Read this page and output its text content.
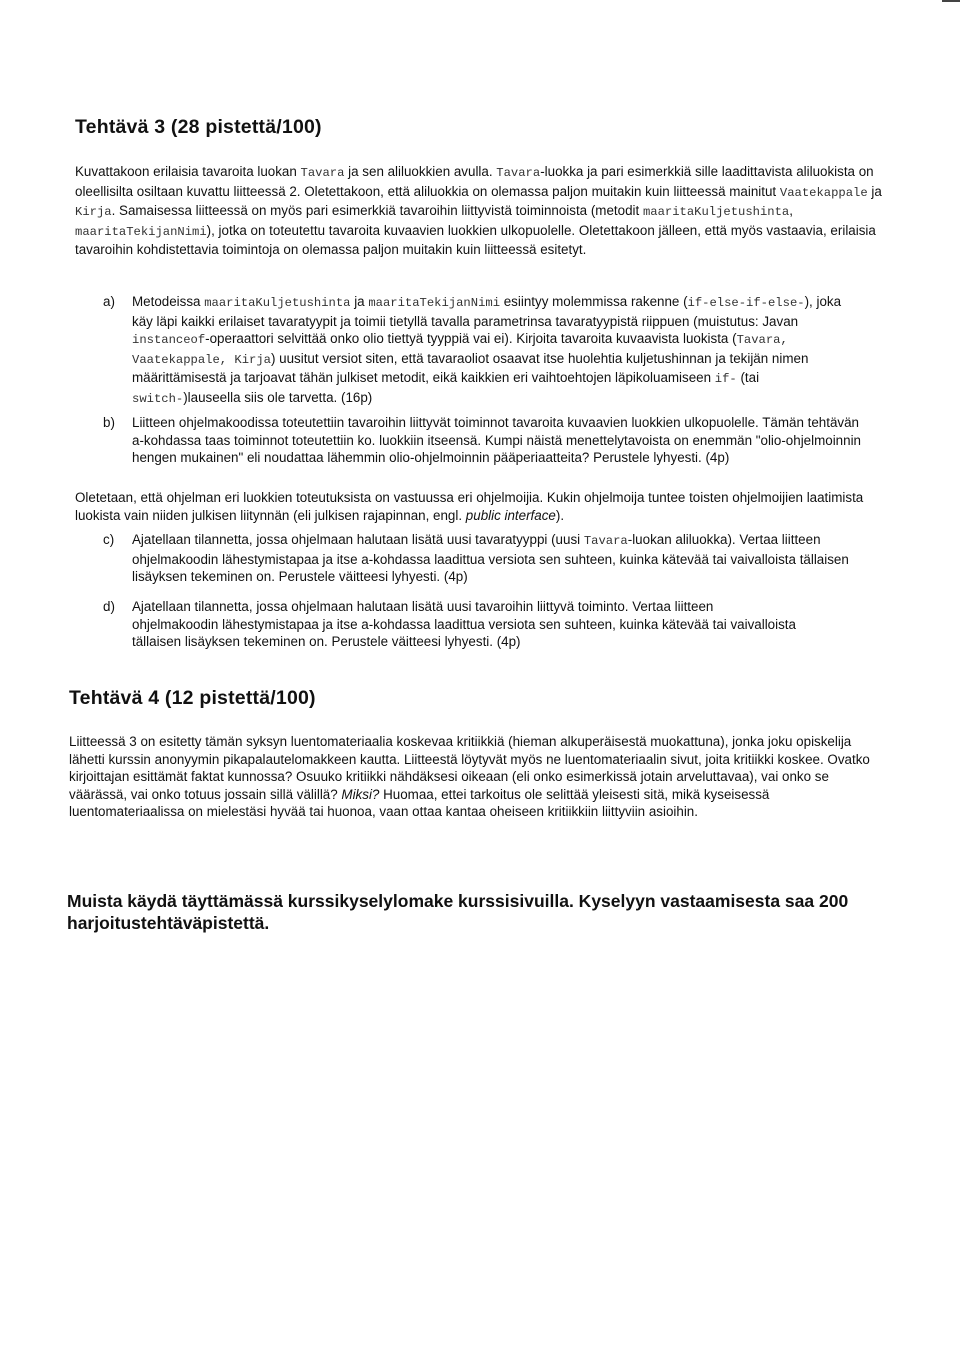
Tehtävä 3 (28 pistettä/100)

Kuvattakoon erilaisia tavaroita luokan Tavara ja sen aliluokkien avulla. Tavara-luokka ja pari esimerkkiä sille laadittavista aliluokista on oleellisilta osiltaan kuvattu liitteessä 2. Oletettakoon, että aliluokkia on olemassa paljon muitakin kuin liitteessä mainitut Vaatekappale ja Kirja. Samaisessa liitteessä on myös pari esimerkkiä tavaroihin liittyvistä toiminnoista (metodit maaritaKuljetushinta, maaritaTekijanNimi), jotka on toteutettu tavaroita kuvaavien luokkien ulkopuolelle. Oletettakoon jälleen, että myös vastaavia, erilaisia tavaroihin kohdistettavia toimintoja on olemassa paljon muitakin kuin liitteessä esitetyt.

a) Metodeissa maaritaKuljetushinta ja maaritaTekijanNimi esiintyy molemmissa rakenne (if-else-if-else-), joka käy läpi kaikki erilaiset tavaratyypit ja toimii tietyllä tavalla parametrinsa tavaratyypistä riippuen (muistutus: Javan instanceof-operaattori selvittää onko olio tiettyä tyyppiä vai ei). Kirjoita tavaroita kuvaavista luokista (Tavara, Vaatekappale, Kirja) uusitut versiot siten, että tavaraoliot osaavat itse huolehtia kuljetushinnan ja tekijän nimen määrittämisestä ja tarjoavat tähän julkiset metodit, eikä kaikkien eri vaihtoehtojen läpikoluamiseen if- (tai switch-)lauseella siis ole tarvetta. (16p)
b) Liitteen ohjelmakoodissa toteutettiin tavaroihin liittyvät toiminnot tavaroita kuvaavien luokkien ulkopuolelle. Tämän tehtävän a-kohdassa taas toiminnot toteutettiin ko. luokkiin itseensä. Kumpi näistä menettelytavoista on enemmän "olio-ohjelmoinnin hengen mukainen" eli noudattaa lähemmin olio-ohjelmoinnin pääperiaatteita? Perustele lyhyesti. (4p)

Oletetaan, että ohjelman eri luokkien toteutuksista on vastuussa eri ohjelmoijia. Kukin ohjelmoija tuntee toisten ohjelmoijien laatimista luokista vain niiden julkisen liitynnän (eli julkisen rajapinnan, engl. public interface).

c) Ajatellaan tilannetta, jossa ohjelmaan halutaan lisätä uusi tavaratyyppi (uusi Tavara-luokan aliluokka). Vertaa liitteen ohjelmakoodin lähestymistapaa ja itse a-kohdassa laadittua versiota sen suhteen, kuinka kätevää tai vaivalloista tällaisen lisäyksen tekeminen on. Perustele väitteesi lyhyesti. (4p)
d) Ajatellaan tilannetta, jossa ohjelmaan halutaan lisätä uusi tavaroihin liittyvä toiminto. Vertaa liitteen ohjelmakoodin lähestymistapaa ja itse a-kohdassa laadittua versiota sen suhteen, kuinka kätevää tai vaivalloista tällaisen lisäyksen tekeminen on. Perustele väitteesi lyhyesti. (4p)
Tehtävä 4 (12 pistettä/100)

Liitteessä 3 on esitetty tämän syksyn luentomateriaalia koskevaa kritiikkiä (hieman alkuperäisestä muokattuna), jonka joku opiskelija lähetti kurssin anonyymin pikapalautelomakkeen kautta. Liitteestä löytyvät myös ne luentomateriaalin sivut, joita kritiikki koskee. Ovatko kirjoittajan esittämät faktat kunnossa? Osuuko kritiikki nähdäksesi oikeaan (eli onko esimerkissä jotain arveluttavaa), vai onko se väärässä, vai onko totuus jossain sillä välillä? Miksi? Huomaa, ettei tarkoitus ole selittää yleisesti sitä, mikä kyseisessä luentomateriaalissa on mielestäsi hyvää tai huonoa, vaan ottaa kantaa oheiseen kritiikkiin liittyviin asioihin.

Muista käydä täyttämässä kurssikyselylomake kurssisivuilla. Kyselyyn vastaamisesta saa 200 harjoitustehtäväpistettä.
